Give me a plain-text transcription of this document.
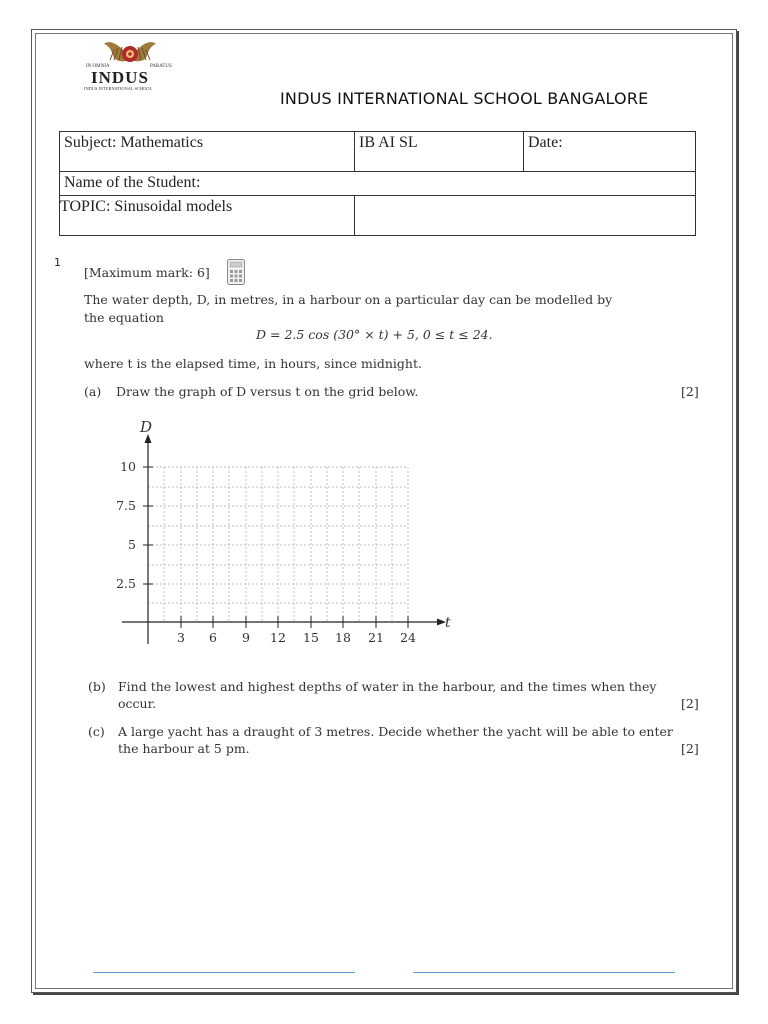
IN OMNIA	PARATUS
INDUS
INDUS INTERNATIONAL SCHOOL
INDUS INTERNATIONAL SCHOOL BANGALORE
Subject: Mathematics	IB AI SL	Date:
Name of the Student:		
TOPIC: Sinusoidal models		
1
[Maximum mark: 6]
The water depth, D, in metres, in a harbour on a particular day can be modelled by
the equation
D = 2.5 cos (30° × t) + 5, 0 ≤ t ≤ 24.
where t is the elapsed time, in hours, since midnight.
(a) Draw the graph of D versus t on the grid below.	[2]
D
t
10
7.5
5
2.5
3 6 9 12 15 18 21 24
(b) Find the lowest and highest depths of water in the harbour, and the times when they
occur.	[2]
(c) A large yacht has a draught of 3 metres. Decide whether the yacht will be able to enter
the harbour at 5 pm.	[2]
